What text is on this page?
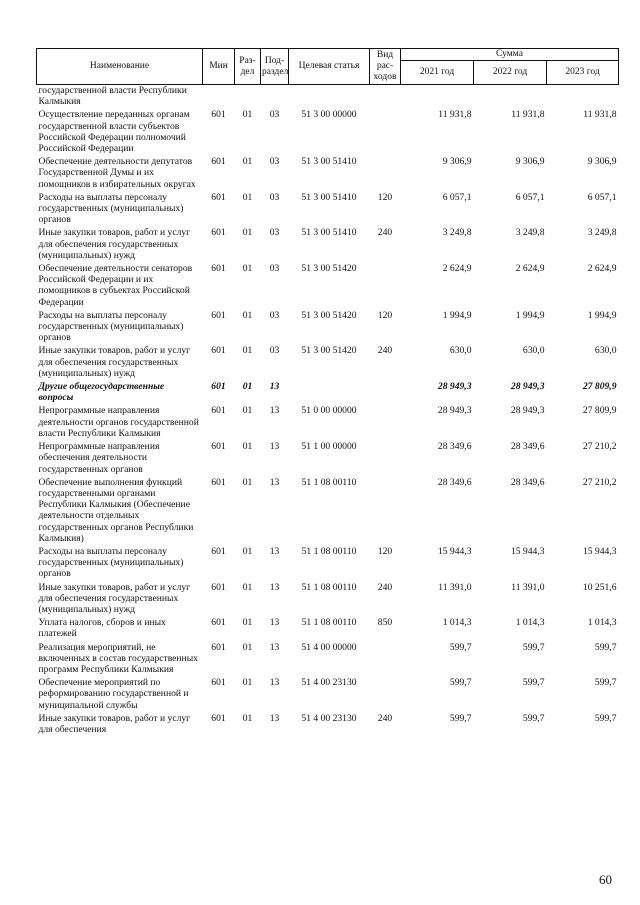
Наименование	Мин	Раз-дел	Под-раздел	Целевая статья	Вид рас-ходов	Сумма		
						2021 год	2022 год	2023 год
государственной власти Республики Калмыкия								
Осуществление переданных органам государственной власти субъектов Российской Федерации полномочий Российской Федерации	601	01	03	51 3 00 00000		11 931,8	11 931,8	11 931,8
Обеспечение деятельности депутатов Государственной Думы и их помощников в избирательных округах	601	01	03	51 3 00 51410		9 306,9	9 306,9	9 306,9
Расходы на выплаты персоналу государственных (муниципальных) органов	601	01	03	51 3 00 51410	120	6 057,1	6 057,1	6 057,1
Иные закупки товаров, работ и услуг для обеспечения государственных (муниципальных) нужд	601	01	03	51 3 00 51410	240	3 249,8	3 249,8	3 249,8
Обеспечение деятельности сенаторов Российской Федерации и их помощников в субъектах Российской Федерации	601	01	03	51 3 00 51420		2 624,9	2 624,9	2 624,9
Расходы на выплаты персоналу государственных (муниципальных) органов	601	01	03	51 3 00 51420	120	1 994,9	1 994,9	1 994,9
Иные закупки товаров, работ и услуг для обеспечения государственных (муниципальных) нужд	601	01	03	51 3 00 51420	240	630,0	630,0	630,0
Другие общегосударственные вопросы	601	01	13			28 949,3	28 949,3	27 809,9
Непрограммные направления деятельности органов государственной власти Республики Калмыкия	601	01	13	51 0 00 00000		28 949,3	28 949,3	27 809,9
Непрограммные направления обеспечения деятельности государственных органов	601	01	13	51 1 00 00000		28 349,6	28 349,6	27 210,2
Обеспечение выполнения функций государственными органами Республики Калмыкия (Обеспечение деятельности отдельных государственных органов Республики Калмыкия)	601	01	13	51 1 08 00110		28 349,6	28 349,6	27 210,2
Расходы на выплаты персоналу государственных (муниципальных) органов	601	01	13	51 1 08 00110	120	15 944,3	15 944,3	15 944,3
Иные закупки товаров, работ и услуг для обеспечения государственных (муниципальных) нужд	601	01	13	51 1 08 00110	240	11 391,0	11 391,0	10 251,6
Уплата налогов, сборов и иных платежей	601	01	13	51 1 08 00110	850	1 014,3	1 014,3	1 014,3
Реализация мероприятий, не включенных в состав государственных программ Республики Калмыкия	601	01	13	51 4 00 00000		599,7	599,7	599,7
Обеспечение мероприятий по реформированию государственной и муниципальной службы	601	01	13	51 4 00 23130		599,7	599,7	599,7
Иные закупки товаров, работ и услуг для обеспечения	601	01	13	51 4 00 23130	240	599,7	599,7	599,7
60
